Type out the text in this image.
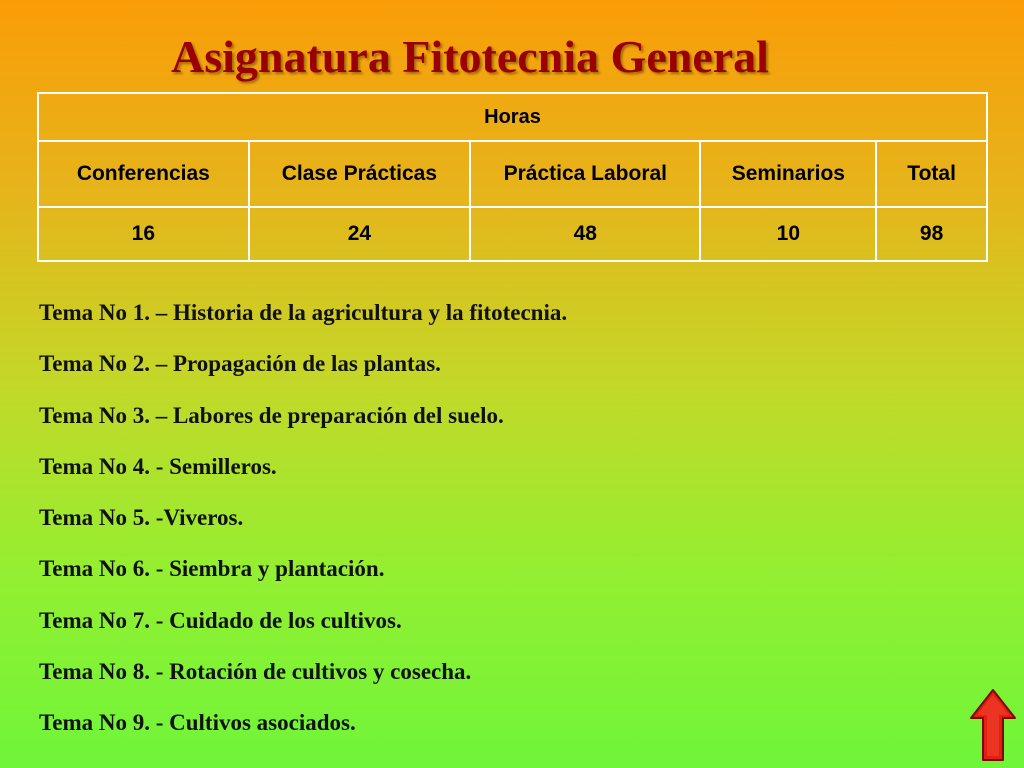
Asignatura Fitotecnia General
Horas				
Conferencias	Clase Prácticas	Práctica Laboral	Seminarios	Total
16	24	48	10	98
Tema No 1. – Historia de la agricultura y la fitotecnia.
Tema No 2. – Propagación de las plantas.
Tema No 3. – Labores de preparación del suelo.
Tema No 4. - Semilleros.
Tema No 5. -Viveros.
Tema No 6. - Siembra y plantación.
Tema No 7. - Cuidado de los cultivos.
Tema No 8. - Rotación de cultivos y cosecha.
Tema No 9. - Cultivos asociados.
